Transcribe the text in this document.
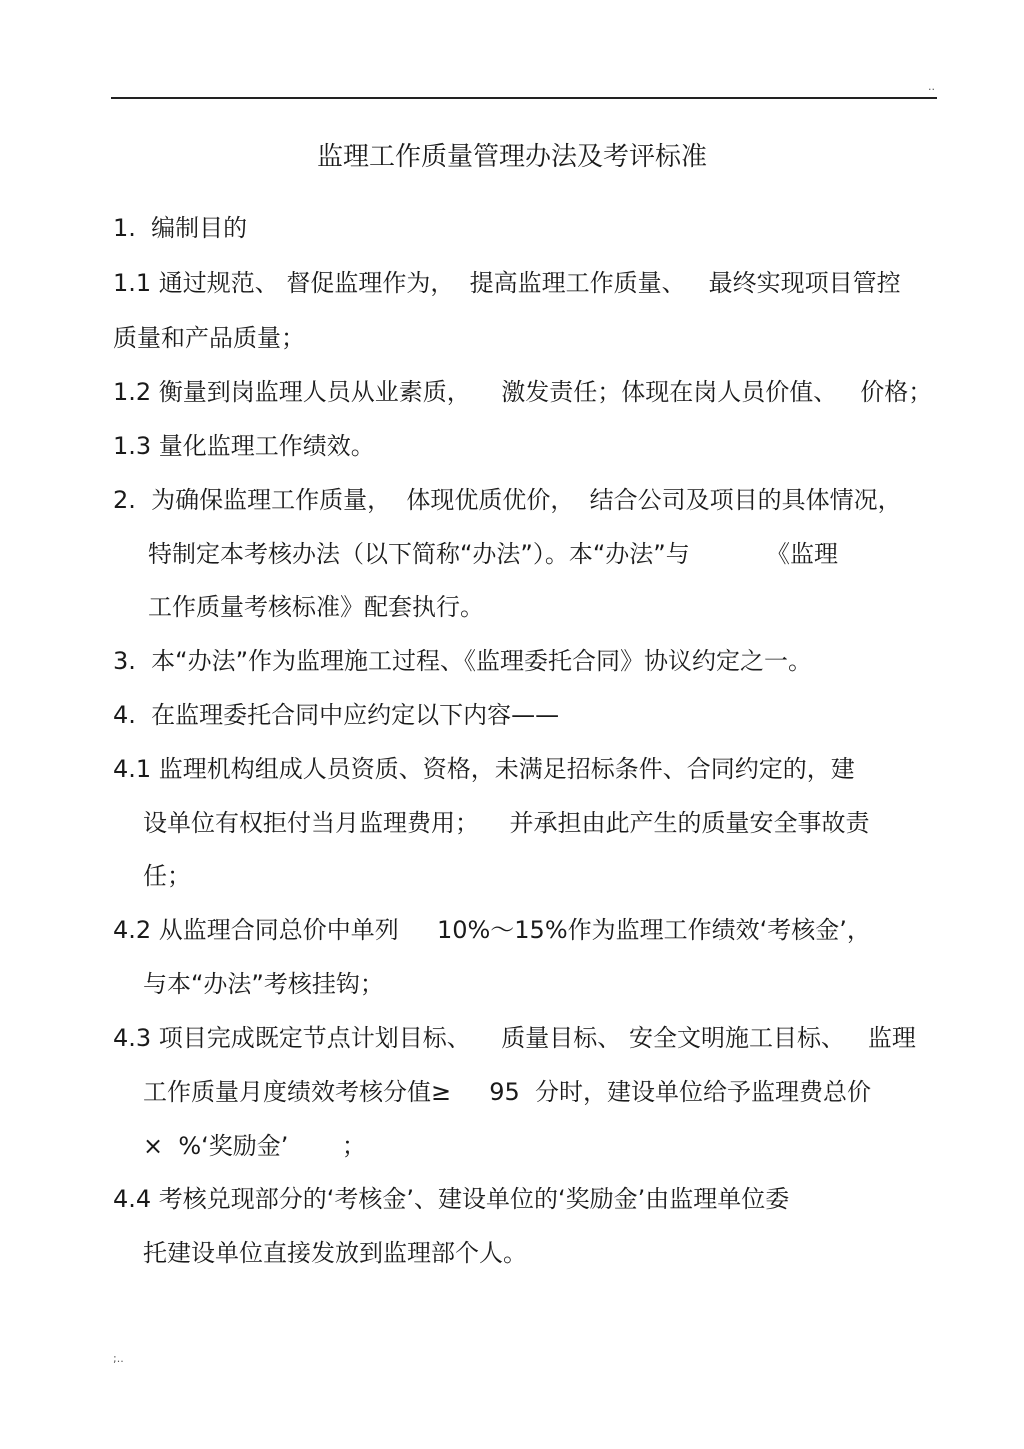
..
监理工作质量管理办法及考评标准
1.  编制目的
1.1 通过规范、 督促监理作为，  提高监理工作质量、   最终实现项目管控
质量和产品质量；
1.2 衡量到岗监理人员从业素质，    激发责任；体现在岗人员价值、   价格；
1.3 量化监理工作绩效。
2.  为确保监理工作质量，  体现优质优价，  结合公司及项目的具体情况，
特制定本考核办法（以下简称“办法”）。本“办法”与          《监理
工作质量考核标准》配套执行。
3.  本“办法”作为监理施工过程、《监理委托合同》协议约定之一。
4.  在监理委托合同中应约定以下内容——
4.1 监理机构组成人员资质、资格，未满足招标条件、合同约定的，建
设单位有权拒付当月监理费用；    并承担由此产生的质量安全事故责
任；
4.2 从监理合同总价中单列     10%～15%作为监理工作绩效‘考核金’，
与本“办法”考核挂钩；
4.3 项目完成既定节点计划目标、    质量目标、 安全文明施工目标、   监理
工作质量月度绩效考核分值≥     95  分时，建设单位给予监理费总价
×  %‘奖励金’       ；
4.4 考核兑现部分的‘考核金’、建设单位的‘奖励金’由监理单位委
托建设单位直接发放到监理部个人。
;..
